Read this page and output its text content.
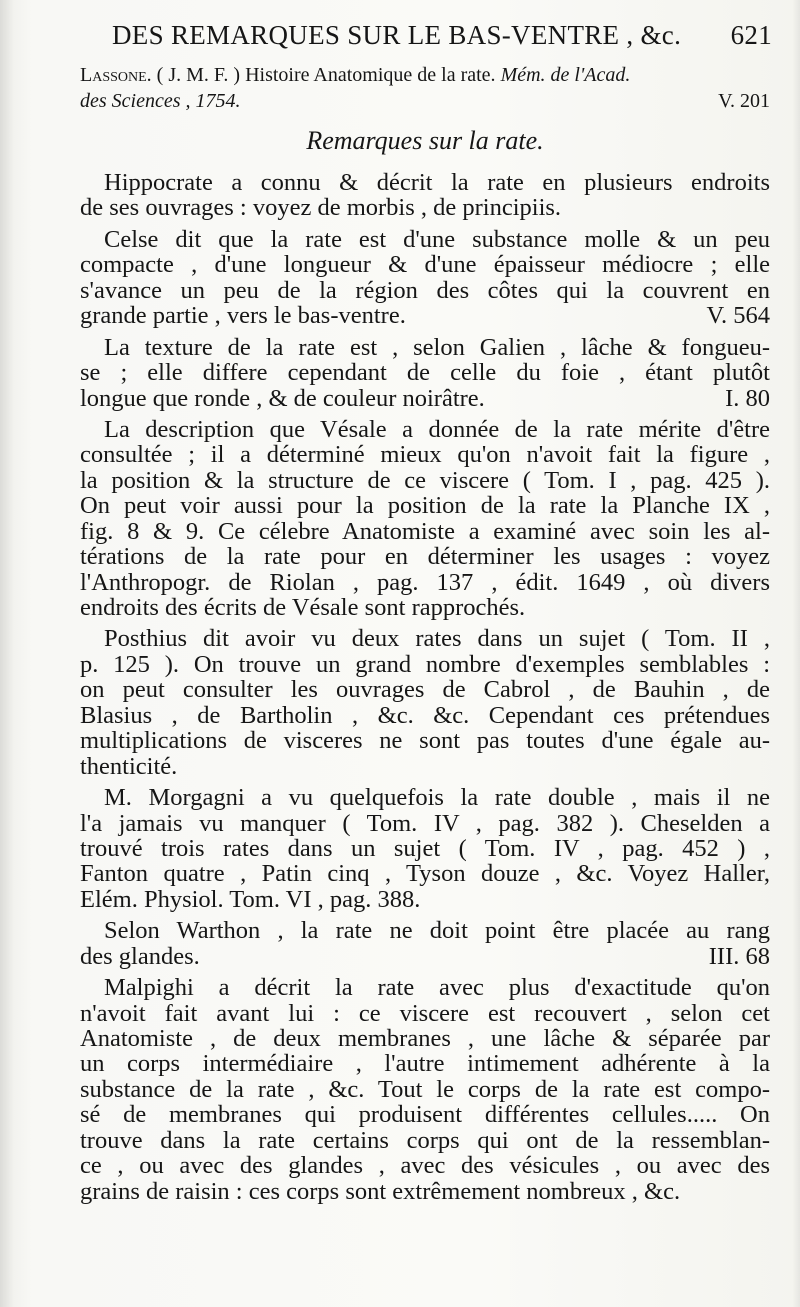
DES REMARQUES SUR LE BAS-VENTRE , &c. 621
Lassone. ( J. M. F. ) Histoire Anatomique de la rate. Mém. de l'Acad.
des Sciences , 1754.	V. 201
Remarques sur la rate.
Hippocrate a connu & décrit la rate en plusieurs endroits
de ses ouvrages : voyez de morbis , de principiis.
Celse dit que la rate est d'une substance molle & un peu
compacte , d'une longueur & d'une épaisseur médiocre ; elle
s'avance un peu de la région des côtes qui la couvrent en
grande partie , vers le bas-ventre.	V. 564
La texture de la rate est , selon Galien , lâche & fongueu-
se ; elle differe cependant de celle du foie , étant plutôt
longue que ronde , & de couleur noirâtre.	I. 80
La description que Vésale a donnée de la rate mérite d'être
consultée ; il a déterminé mieux qu'on n'avoit fait la figure ,
la position & la structure de ce viscere ( Tom. I , pag. 425 ).
On peut voir aussi pour la position de la rate la Planche IX ,
fig. 8 & 9. Ce célebre Anatomiste a examiné avec soin les al-
térations de la rate pour en déterminer les usages : voyez
l'Anthropogr. de Riolan , pag. 137 , édit. 1649 , où divers
endroits des écrits de Vésale sont rapprochés.
Posthius dit avoir vu deux rates dans un sujet ( Tom. II ,
p. 125 ). On trouve un grand nombre d'exemples semblables :
on peut consulter les ouvrages de Cabrol , de Bauhin , de
Blasius , de Bartholin , &c. &c. Cependant ces prétendues
multiplications de visceres ne sont pas toutes d'une égale au-
thenticité.
M. Morgagni a vu quelquefois la rate double , mais il ne
l'a jamais vu manquer ( Tom. IV , pag. 382 ). Cheselden a
trouvé trois rates dans un sujet ( Tom. IV , pag. 452 ) ,
Fanton quatre , Patin cinq , Tyson douze , &c. Voyez Haller,
Elém. Physiol. Tom. VI , pag. 388.
Selon Warthon , la rate ne doit point être placée au rang
des glandes.	III. 68
Malpighi a décrit la rate avec plus d'exactitude qu'on
n'avoit fait avant lui : ce viscere est recouvert , selon cet
Anatomiste , de deux membranes , une lâche & séparée par
un corps intermédiaire , l'autre intimement adhérente à la
substance de la rate , &c. Tout le corps de la rate est compo-
sé de membranes qui produisent différentes cellules..... On
trouve dans la rate certains corps qui ont de la ressemblan-
ce , ou avec des glandes , avec des vésicules , ou avec des
grains de raisin : ces corps sont extrêmement nombreux , &c.
